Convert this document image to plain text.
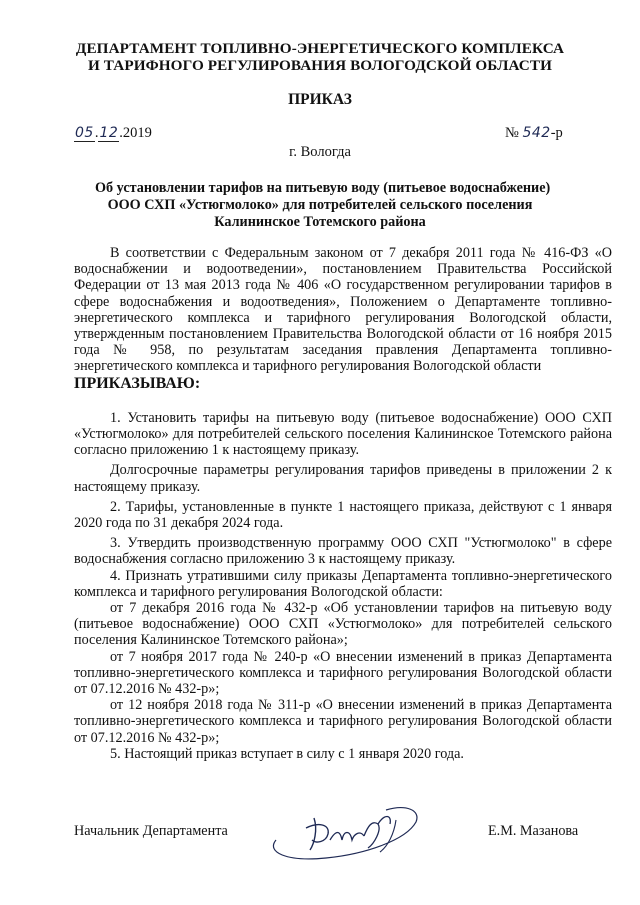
ДЕПАРТАМЕНТ ТОПЛИВНО-ЭНЕРГЕТИЧЕСКОГО КОМПЛЕКСА
И ТАРИФНОГО РЕГУЛИРОВАНИЯ ВОЛОГОДСКОЙ ОБЛАСТИ
ПРИКАЗ
05.12.2019	№ 542-р
г. Вологда
Об установлении тарифов на питьевую воду (питьевое водоснабжение)
ООО СХП «Устюгмолоко» для потребителей сельского поселения
Калининское Тотемского района

В соответствии с Федеральным законом от 7 декабря 2011 года № 416-ФЗ «О водоснабжении и водоотведении», постановлением Правительства Российской Федерации от 13 мая 2013 года № 406 «О государственном регулировании тарифов в сфере водоснабжения и водоотведения», Положением о Департаменте топливно-энергетического комплекса и тарифного регулирования Вологодской области, утвержденным постановлением Правительства Вологодской области от 16 ноября 2015 года № 958, по результатам заседания правления Департамента топливно-энергетического комплекса и тарифного регулирования Вологодской области

ПРИКАЗЫВАЮ:

1. Установить тарифы на питьевую воду (питьевое водоснабжение) ООО СХП «Устюгмолоко» для потребителей сельского поселения Калининское Тотемского района согласно приложению 1 к настоящему приказу.

Долгосрочные параметры регулирования тарифов приведены в приложении 2 к настоящему приказу.

2. Тарифы, установленные в пункте 1 настоящего приказа, действуют с 1 января 2020 года по 31 декабря 2024 года.

3. Утвердить производственную программу ООО СХП "Устюгмолоко" в сфере водоснабжения согласно приложению 3 к настоящему приказу.

4. Признать утратившими силу приказы Департамента топливно-энергетического комплекса и тарифного регулирования Вологодской области:

от 7 декабря 2016 года № 432-р «Об установлении тарифов на питьевую воду (питьевое водоснабжение) ООО СХП «Устюгмолоко» для потребителей сельского поселения Калининское Тотемского района»;

от 7 ноября 2017 года № 240-р «О внесении изменений в приказ Департамента топливно-энергетического комплекса и тарифного регулирования Вологодской области от 07.12.2016 № 432-р»;

от 12 ноября 2018 года № 311-р «О внесении изменений в приказ Департамента топливно-энергетического комплекса и тарифного регулирования Вологодской области от 07.12.2016 № 432-р»;

5. Настоящий приказ вступает в силу с 1 января 2020 года.

Начальник Департамента	Е.М. Мазанова
